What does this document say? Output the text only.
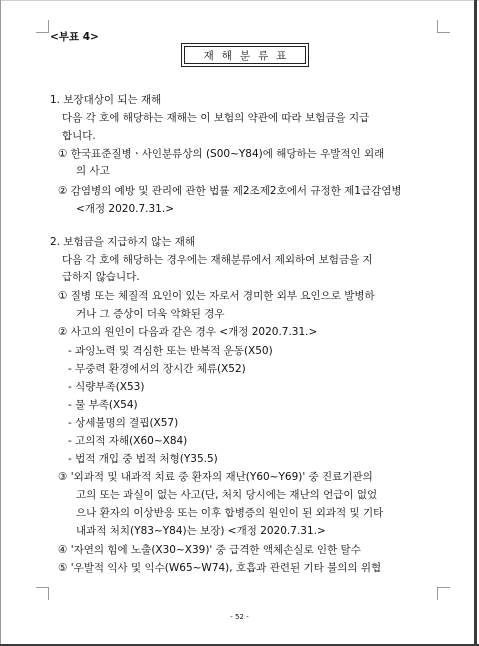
<부표 4>
재해분류표
1. 보장대상이 되는 재해
다음 각 호에 해당하는 재해는 이 보험의 약관에 따라 보험금을 지급
합니다.
① 한국표준질병ㆍ사인분류상의 (S00~Y84)에 해당하는 우발적인 외래
의 사고
② 감염병의 예방 및 관리에 관한 법률 제2조제2호에서 규정한 제1급감염병
<개정 2020.7.31.>
2. 보험금을 지급하지 않는 재해
다음 각 호에 해당하는 경우에는 재해분류에서 제외하여 보험금을 지
급하지 않습니다.
① 질병 또는 체질적 요인이 있는 자로서 경미한 외부 요인으로 발병하
거나 그 증상이 더욱 악화된 경우
② 사고의 원인이 다음과 같은 경우 <개정 2020.7.31.>
- 과잉노력 및 격심한 또는 반복적 운동(X50)
- 무중력 환경에서의 장시간 체류(X52)
- 식량부족(X53)
- 물 부족(X54)
- 상세불명의 결핍(X57)
- 고의적 자해(X60~X84)
- 법적 개입 중 법적 처형(Y35.5)
③ '외과적 및 내과적 치료 중 환자의 재난(Y60~Y69)' 중 진료기관의
고의 또는 과실이 없는 사고(단, 처치 당시에는 재난의 언급이 없었
으나 환자의 이상반응 또는 이후 합병증의 원인이 된 외과적 및 기타
내과적 처치(Y83~Y84)는 보장) <개정 2020.7.31.>
④ '자연의 힘에 노출(X30~X39)' 중 급격한 액체손실로 인한 탈수
⑤ '우발적 익사 및 익수(W65~W74), 호흡과 관련된 기타 불의의 위협
- 52 -
